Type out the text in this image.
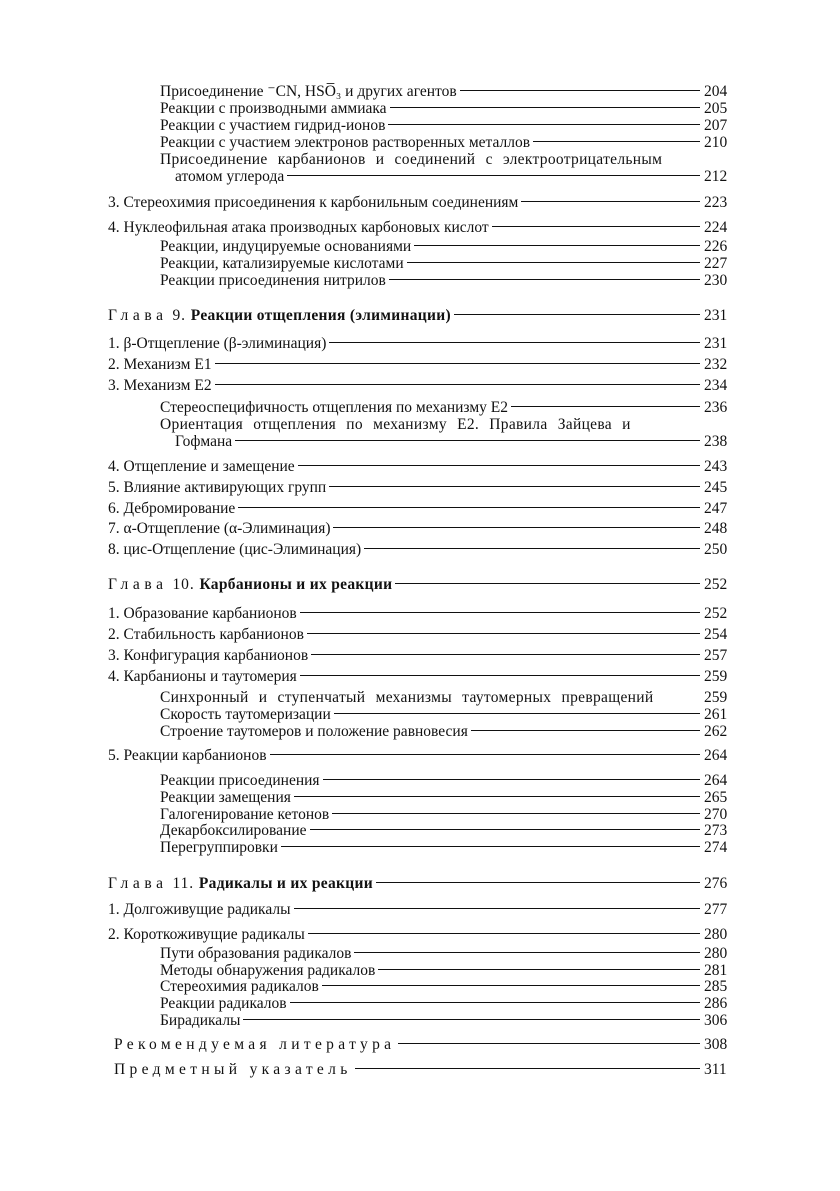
Присоединение ⁻CN, HSO̅₃ и других агентов	204
Реакции с производными аммиака	205
Реакции с участием гидрид-ионов	207
Реакции с участием электронов растворенных металлов	210
Присоединение карбанионов и соединений с электроотрицательным
атомом углерода	212
3. Стереохимия присоединения к карбонильным соединениям	223
4. Нуклеофильная атака производных карбоновых кислот	224
Реакции, индуцируемые основаниями	226
Реакции, катализируемые кислотами	227
Реакции присоединения нитрилов	230
Глава 9. Реакции отщепления (элиминации)	231
1. β-Отщепление (β-элиминация)	231
2. Механизм E1	232
3. Механизм E2	234
Стереоспецифичность отщепления по механизму E2	236
Ориентация отщепления по механизму E2. Правила Зайцева и
Гофмана	238
4. Отщепление и замещение	243
5. Влияние активирующих групп	245
6. Дебромирование	247
7. α-Отщепление (α-Элиминация)	248
8. цис-Отщепление (цис-Элиминация)	250
Глава 10. Карбанионы и их реакции	252
1. Образование карбанионов	252
2. Стабильность карбанионов	254
3. Конфигурация карбанионов	257
4. Карбанионы и таутомерия	259
Синхронный и ступенчатый механизмы таутомерных превращений	259
Скорость таутомеризации	261
Строение таутомеров и положение равновесия	262
5. Реакции карбанионов	264
Реакции присоединения	264
Реакции замещения	265
Галогенирование кетонов	270
Декарбоксилирование	273
Перегруппировки	274
Глава 11. Радикалы и их реакции	276
1. Долгоживущие радикалы	277
2. Короткоживущие радикалы	280
Пути образования радикалов	280
Методы обнаружения радикалов	281
Стереохимия радикалов	285
Реакции радикалов	286
Бирадикалы	306
Рекомендуемая литература	308
Предметный указатель	311
